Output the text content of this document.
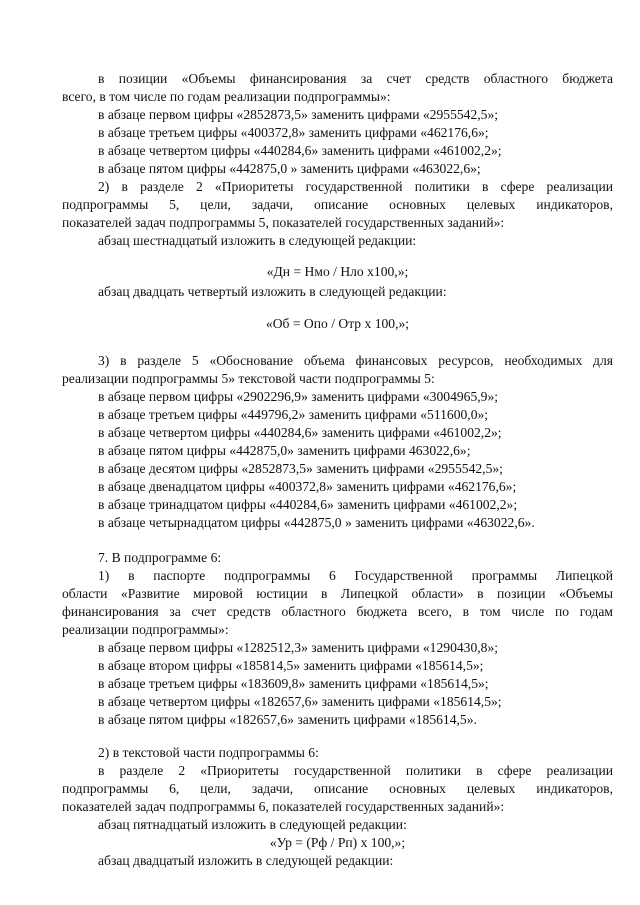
в позиции «Объемы финансирования за счет средств областного бюджета
всего, в том числе по годам реализации подпрограммы»:
в абзаце первом цифры «2852873,5» заменить цифрами «2955542,5»;
в абзаце третьем цифры «400372,8» заменить цифрами «462176,6»;
в абзаце четвертом цифры «440284,6» заменить цифрами «461002,2»;
в абзаце пятом цифры «442875,0 » заменить цифрами «463022,6»;
2) в разделе 2 «Приоритеты государственной политики в сфере реализации
подпрограммы 5, цели, задачи, описание основных целевых индикаторов,
показателей задач подпрограммы 5, показателей государственных заданий»:
абзац шестнадцатый изложить в следующей редакции:
«Дн = Нмо / Нло х100,»;
абзац двадцать четвертый изложить в следующей редакции:
«Об = Опо / Отр х 100,»;
3) в разделе 5 «Обоснование объема финансовых ресурсов, необходимых для
реализации подпрограммы 5» текстовой части подпрограммы 5:
в абзаце первом цифры «2902296,9» заменить цифрами «3004965,9»;
в абзаце третьем цифры «449796,2» заменить цифрами «511600,0»;
в абзаце четвертом цифры «440284,6» заменить цифрами «461002,2»;
в абзаце пятом цифры «442875,0» заменить цифрами 463022,6»;
в абзаце десятом цифры «2852873,5» заменить цифрами «2955542,5»;
в абзаце двенадцатом цифры «400372,8» заменить цифрами «462176,6»;
в абзаце тринадцатом цифры «440284,6» заменить цифрами «461002,2»;
в абзаце четырнадцатом цифры «442875,0 » заменить цифрами «463022,6».
7. В подпрограмме 6:
1) в паспорте подпрограммы 6 Государственной программы Липецкой
области «Развитие мировой юстиции в Липецкой области» в позиции «Объемы
финансирования за счет средств областного бюджета всего, в том числе по годам
реализации подпрограммы»:
в абзаце первом цифры «1282512,3» заменить цифрами «1290430,8»;
в абзаце втором цифры «185814,5» заменить цифрами «185614,5»;
в абзаце третьем цифры «183609,8» заменить цифрами «185614,5»;
в абзаце четвертом цифры «182657,6» заменить цифрами «185614,5»;
в абзаце пятом цифры «182657,6» заменить цифрами «185614,5».
2) в текстовой части подпрограммы 6:
в разделе 2 «Приоритеты государственной политики в сфере реализации
подпрограммы 6, цели, задачи, описание основных целевых индикаторов,
показателей задач подпрограммы 6, показателей государственных заданий»:
абзац пятнадцатый изложить в следующей редакции:
«Ур = (Рф / Рп) х 100,»;
абзац двадцатый изложить в следующей редакции:
